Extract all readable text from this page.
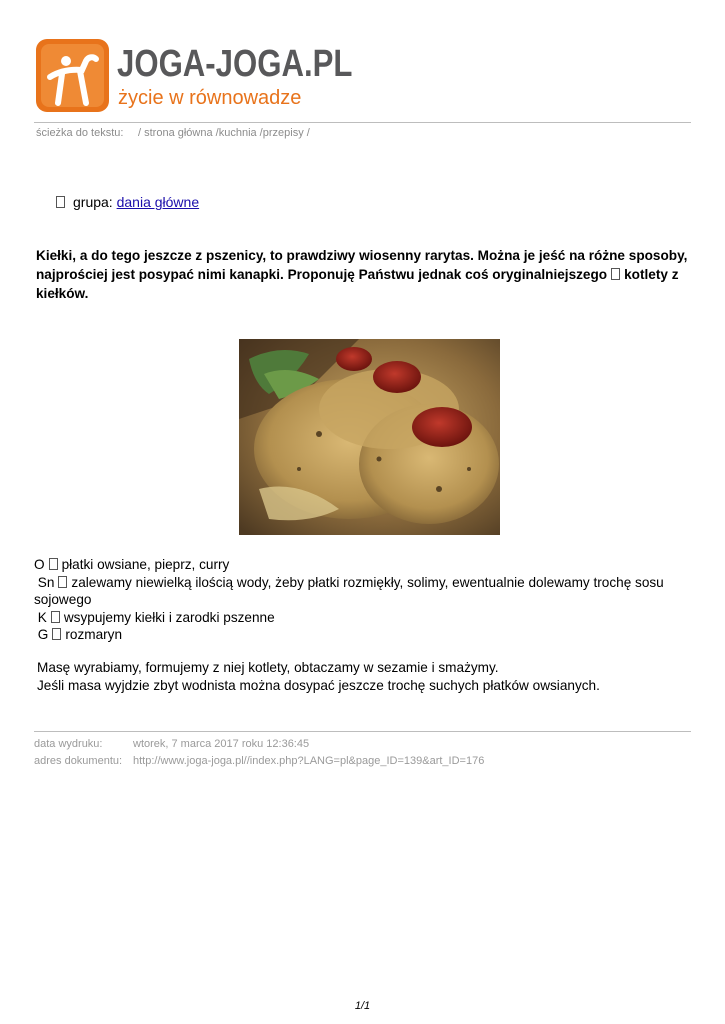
JOGA-JOGA.PL
życie w równowadze
ścieżka do tekstu: / strona główna /kuchnia /przepisy /
grupa: dania główne
Kiełki, a do tego jeszcze z pszenicy, to prawdziwy wiosenny rarytas. Można je jeść na różne sposoby, najprościej jest posypać nimi kanapki. Proponuję Państwu jednak coś oryginalniejszego kotlety z kiełków.
O płatki owsiane, pieprz, curry
Sn zalewamy niewielką ilością wody, żeby płatki rozmiękły, solimy, ewentualnie dolewamy trochę sosu sojowego
K wsypujemy kiełki i zarodki pszenne
G rozmaryn
Masę wyrabiamy, formujemy z niej kotlety, obtaczamy w sezamie i smażymy.
Jeśli masa wyjdzie zbyt wodnista można dosypać jeszcze trochę suchych płatków owsianych.
data wydruku:	wtorek, 7 marca 2017 roku 12:36:45
adres dokumentu: http://www.joga-joga.pl//index.php?LANG=pl&page_ID=139&art_ID=176
1/1
